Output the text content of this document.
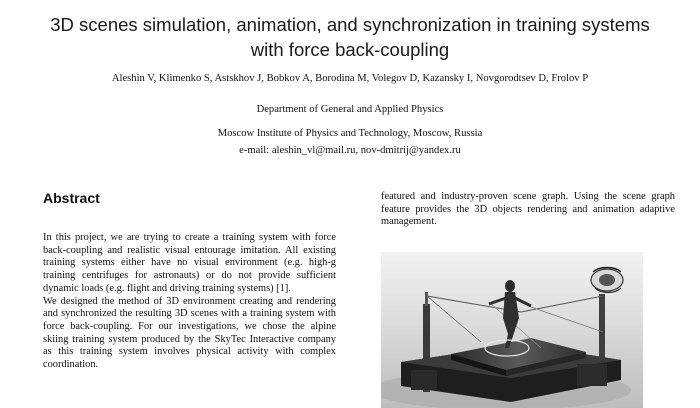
3D scenes simulation, animation, and synchronization in training systems
with force back-coupling
Aleshin V, Klimenko S, Astskhov J, Bobkov A, Borodina M, Volegov D, Kazansky I, Novgorodtsev D, Frolov P
Department of General and Applied Physics
Moscow Institute of Physics and Technology, Moscow, Russia
e-mail: aleshin_vl@mail.ru, nov-dmitrij@yandex.ru
Abstract

In this project, we are trying to create a training system with force back-coupling and realistic visual entourage imitation. All existing training systems either have no visual environment (e.g. high-g training centrifuges for astronauts) or do not provide sufficient dynamic loads (e.g. flight and driving training systems) [1].

We designed the method of 3D environment creating and rendering and synchronized the resulting 3D scenes with a training system with force back-coupling. For our investigations, we chose the alpine skiing training system produced by the SkyTec Interactive company as this training system involves physical activity with complex coordination.

featured and industry-proven scene graph. Using the scene graph feature provides the 3D objects rendering and animation adaptive management.
